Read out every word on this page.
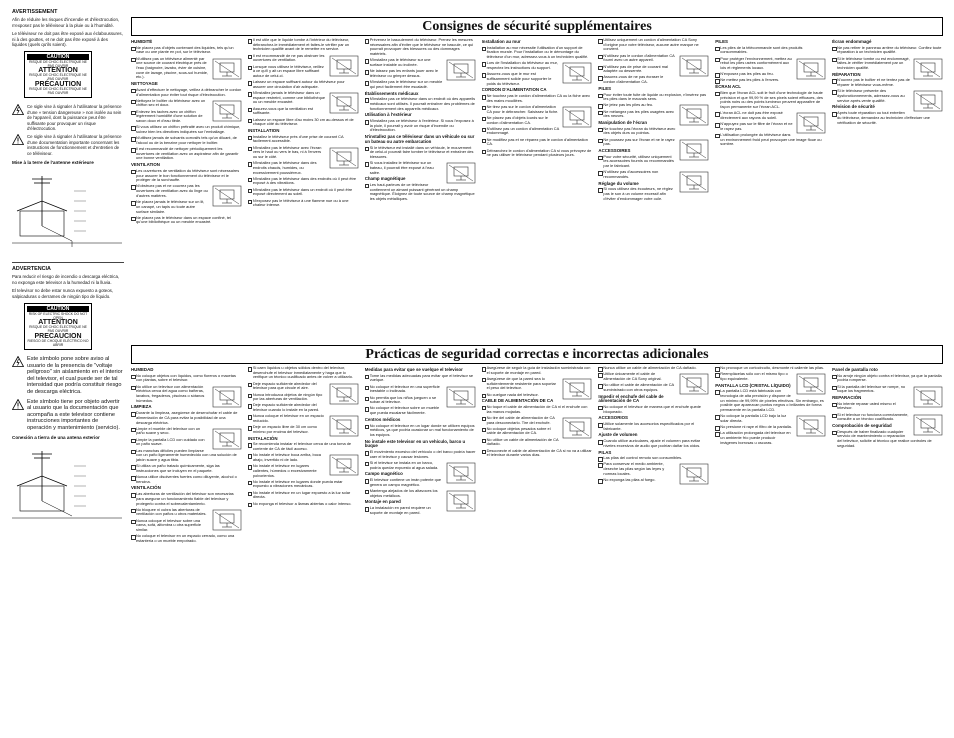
AVERTISSEMENT

Afin de réduire les risques d'incendie et d'électrocution, n'exposez pas le téléviseur à la pluie ou à l'humidité.

Le téléviseur ne doit pas être exposé aux éclaboussures, ni à des gouttes, et ne doit pas être exposé à des liquides (quels qu'ils soient).

CAUTION
RISQUE DE CHOC ÉLECTRIQUE NE PAS OUVRIR
ATTENTION
RISQUE DE CHOC ÉLECTRIQUE NE PAS OUVRIR
PRÉCAUTION
RISQUE DE CHOC ÉLECTRIQUE NE PAS OUVRIR
Ce sigle vise à signaler à l'utilisateur la présence d'une « tension dangereuse » non isolée au sein de l'appareil, dont la puissance peut être suffisante pour provoquer un risque d'électrocution.
Ce sigle vise à signaler à l'utilisateur la présence d'une documentation importante concernant les instructions de fonctionnement et d'entretien de ce téléviseur.
Mise à la terre de l'antenne extérieure
ADVERTENCIA

Para reducir el riesgo de incendio o descarga eléctrica, no exponga este televisor a la humedad ni la lluvia.

El televisor no debe estar nunca expuesto a goteos, salpicaduras o derrames de ningún tipo de líquido.

CAUTION
RISK OF ELECTRIC SHOCK DO NOT OPEN
ATTENTION
RISQUE DE CHOC ÉLECTRIQUE NE PAS OUVRIR
PRECAUCION
RIESGO DE CHOQUE ELÉCTRICO NO ABRIR
Este símbolo pone sobre aviso al usuario de la presencia de "voltaje peligroso" sin aislamiento en el interior del televisor, el cual puede ser de tal intensidad que podría constituir riesgo de descarga eléctrica.
Este símbolo tiene por objeto advertir al usuario que la documentación que acompaña a este televisor contiene instrucciones importantes de operación y mantenimiento (servicio).
Conexión a tierra de una antena exterior
Consignes de sécurité supplémentaires
HUMIDITÉ
Ne placez pas d'objets contenant des liquides, tels qu'un vase ou une plante en pot, sur le téléviseur.
N'utilisez pas un téléviseur alimenté par une source de courant électrique près de l'eau (baignoire, lavabo, évier de cuisine, cuve de lavage, piscine, sous-sol humide, etc.).
NETTOYAGE
Avant d'effectuer le nettoyage, veillez à débrancher le cordon d'alimentation pour éviter tout risque d'électrocution.
Nettoyez le boîtier du téléviseur avec un chiffon sec et doux.
Enlevez les taches avec un chiffon légèrement humidifié d'une solution de savon doux et d'eau tiède.
Si vous utilisez un chiffon prétraité avec un produit chimique, suivez bien les directives indiquées sur l'emballage.
N'utilisez jamais de solvants corrosifs tels qu'un diluant, de l'alcool ou de la benzine pour nettoyer le boîtier.
Il est recommandé de nettoyer périodiquement les ouvertures de ventilation avec un aspirateur afin de garantir une bonne ventilation.
VENTILATION
Les ouvertures de ventilation du téléviseur sont nécessaires pour assurer le bon fonctionnement du téléviseur et le protéger de la surchauffe.
N'obstruez pas et ne couvrez pas les ouvertures de ventilation avec du linge ou d'autres matières.
Ne placez jamais le téléviseur sur un lit, un canapé, un tapis ou toute autre surface similaire.
Ne placez pas le téléviseur dans un espace confiné, tel qu'une bibliothèque ou un meuble encastré.
Il est utile que le liquide tombe à l'intérieur du téléviseur, débranchez-le immédiatement et faites-le vérifier par un technicien qualifié avant de le remettre en service.
Il est recommandé de ne pas obstruer les ouvertures de ventilation.
Lorsque vous utilisez le téléviseur, veillez à ce qu'il y ait un espace libre suffisant autour de celui-ci.
Laissez un espace suffisant autour du téléviseur pour assurer une circulation d'air adéquate.
N'installez jamais le téléviseur dans un espace restreint, comme une bibliothèque ou un meuble encastré.
Assurez-vous que la ventilation est suffisante.
Laissez un espace libre d'au moins 30 cm au-dessus et de chaque côté du téléviseur.
INSTALLATION
Installez le téléviseur près d'une prise de courant CA facilement accessible.
N'installez pas le téléviseur avec l'écran vers le haut ou vers le bas, ni à l'envers ou sur le côté.
N'installez pas le téléviseur dans des endroits chauds, humides, ou excessivement poussiéreux.
N'installez pas le téléviseur dans des endroits où il peut être exposé à des vibrations.
N'installez pas le téléviseur dans un endroit où il peut être exposé directement au soleil.
N'exposez pas le téléviseur à une flamme nue ou à une chaleur intense.
Prévenez le basculement du téléviseur. Prenez les mesures nécessaires afin d'éviter que le téléviseur ne bascule, ce qui pourrait provoquer des blessures ou des dommages matériels.
N'installez pas le téléviseur sur une surface instable ou inclinée.
Ne laissez pas les enfants jouer avec le téléviseur ou grimper dessus.
N'installez pas le téléviseur sur un meuble qui peut facilement être escaladé.
Établissements médicaux
N'installez pas ce téléviseur dans un endroit où des appareils médicaux sont utilisés. Il pourrait entraîner des problèmes de fonctionnement des appareils médicaux.
Utilisation à l'extérieur
N'installez pas ce téléviseur à l'extérieur. Si vous l'exposez à la pluie, il pourrait y avoir un risque d'incendie ou d'électrocution.
N'installez pas ce téléviseur dans un véhicule ou sur un bateau ou autre embarcation
Si le téléviseur est installé dans un véhicule, le mouvement de celui-ci pourrait faire tomber le téléviseur et entraîner des blessures.
Si vous installez le téléviseur sur un bateau, il pourrait être exposé à l'eau salée.
Champ magnétique
Les haut-parleurs de ce téléviseur contiennent un aimant puissant générant un champ magnétique. Éloignez de toute source de champ magnétique les objets métalliques.
Installation au mur
Installation au mur nécessite l'utilisation d'un support de fixation murale. Pour l'installation ou le démontage du téléviseur d'un mur, adressez-vous à un technicien qualifié.
Lors de l'installation du téléviseur au mur, respectez les instructions du support.
Assurez-vous que le mur est suffisamment solide pour supporter le poids du téléviseur.
CORDON D'ALIMENTATION CA
Ne touchez pas le cordon d'alimentation CA ou la fiche avec des mains mouillées.
Ne tirez pas sur le cordon d'alimentation CA pour le débrancher. Saisissez la fiche.
Ne placez pas d'objets lourds sur le cordon d'alimentation CA.
N'utilisez pas un cordon d'alimentation CA endommagé.
Ne modifiez pas et ne réparez pas le cordon d'alimentation CA.
Débranchez le cordon d'alimentation CA si vous prévoyez de ne pas utiliser le téléviseur pendant plusieurs jours.
Utilisez uniquement un cordon d'alimentation CA Sony d'origine pour votre téléviseur, aucune autre marque ne convient.
N'utilisez pas le cordon d'alimentation CA fourni avec un autre appareil.
N'utilisez pas de prise de courant mal adaptée ou desserrée.
Assurez-vous de ne pas écraser le cordon d'alimentation CA.
PILES
Pour éviter toute fuite de liquide ou explosion, n'insérez pas les piles dans le mauvais sens.
Ne jetez pas les piles au feu.
Ne mélangez pas les piles usagées avec des neuves.
Manipulation de l'écran
Ne touchez pas l'écran du téléviseur avec des objets durs ou pointus.
Ne poussez pas sur l'écran et ne le rayez pas.
ACCESSOIRES
Pour votre sécurité, utilisez uniquement les accessoires fournis ou recommandés par le fabricant.
N'utilisez pas d'accessoires non recommandés.
Réglage du volume
Si vous utilisez des écouteurs, ne réglez pas le son à un volume excessif afin d'éviter d'endommager votre ouïe.
PILES
Les piles de la télécommande sont des produits consommables.
Pour protéger l'environnement, mettez au rebut les piles usées conformément aux lois et règlements locaux.
N'exposez pas les piles au feu.
Ne mettez pas les piles à l'envers.
ÉCRAN ACL
Bien que l'écran ACL soit le fruit d'une technologie de haute précision et que 99,99 % de ses pixels soient efficaces, des points noirs ou des points lumineux peuvent apparaître de façon permanente sur l'écran ACL.
L'écran ACL ne doit pas être exposé directement aux rayons du soleil.
N'appuyez pas sur le filtre de l'écran et ne le rayez pas.
L'utilisation prolongée du téléviseur dans un environnement froid peut provoquer une image floue ou sombre.
Écran endommagé
Ne pas retirer le panneau arrière du téléviseur. Confiez toute réparation à un technicien qualifié.
Si le téléviseur tombe ou est endommagé, faites-le vérifier immédiatement par un technicien qualifié.
RÉPARATION
N'ouvrez pas le boîtier et ne tentez pas de réparer le téléviseur vous-même.
Si le téléviseur présente des dysfonctionnements, adressez-vous au service après-vente qualifié.
Révision de sécurité
Après toute réparation ou tout entretien du téléviseur, demandez au technicien d'effectuer une vérification de sécurité.
Prácticas de seguridad correctas e incorrectas adicionales
HUMEDAD
No coloque objetos con líquidos, como floreros o macetas con plantas, sobre el televisor.
No utilice un televisor con alimentación eléctrica cerca del agua como bañeras, lavabos, fregaderos, piscinas o sótanos húmedos.
LIMPIEZA
Durante la limpieza, asegúrese de desenchufar el cable de alimentación de CA para evitar la posibilidad de una descarga eléctrica.
Limpie el mueble del televisor con un paño suave y seco.
Limpie la pantalla LCD con cuidado con un paño suave.
Las manchas difíciles pueden limpiarse con un paño ligeramente humedecido con una solución de jabón suave y agua tibia.
Si utiliza un paño tratado químicamente, siga las instrucciones que se incluyen en el paquete.
Nunca utilice disolventes fuertes como diluyente, alcohol o bencina.
VENTILACIÓN
Las aberturas de ventilación del televisor son necesarias para asegurar un funcionamiento fiable del televisor y protegerlo contra el sobrecalentamiento.
No bloquee ni cubra las aberturas de ventilación con paños u otros materiales.
Nunca coloque el televisor sobre una cama, sofá, alfombra u otra superficie similar.
No coloque el televisor en un espacio cerrado, como una estantería o un mueble empotrado.
Si caen líquidos u objetos sólidos dentro del televisor, desenchufe el televisor inmediatamente y haga que lo verifique un técnico cualificado antes de volver a utilizarlo.
Deje espacio suficiente alrededor del televisor para que circule el aire.
Nunca introduzca objetos de ningún tipo por las aberturas de ventilación.
Deje espacio suficiente alrededor del televisor cuando lo instale en la pared.
Nunca coloque el televisor en un espacio reducido.
Deje un espacio libre de 30 cm como mínimo por encima del televisor.
INSTALACIÓN
Se recomienda instalar el televisor cerca de una toma de corriente de CA de fácil acceso.
No instale el televisor boca arriba, boca abajo, invertido ni de lado.
No instale el televisor en lugares calientes, húmedos o excesivamente polvorientos.
No instale el televisor en lugares donde pueda estar expuesto a vibraciones mecánicas.
No instale el televisor en un lugar expuesto a la luz solar directa.
No exponga el televisor a llamas abiertas o calor intenso.
Medidas para evitar que se vuelque el televisor
Tome las medidas adecuadas para evitar que el televisor se vuelque.
No coloque el televisor en una superficie inestable o inclinada.
No permita que los niños jueguen o se suban al televisor.
No coloque el televisor sobre un mueble que pueda escalarse fácilmente.
Centros médicos
No coloque el televisor en un lugar donde se utilicen equipos médicos, ya que podría ocasionar un mal funcionamiento de los equipos.
No instale este televisor en un vehículo, barco u buque
El movimiento excesivo del vehículo o del barco podría hacer caer el televisor y causar lesiones.
Si el televisor se instala en un barco, podría quedar expuesto al agua salada.
Campo magnético
El televisor contiene un imán potente que genera un campo magnético.
Mantenga alejados de los altavoces los objetos metálicos.
Montaje en pared
La instalación en pared requiere un soporte de montaje en pared.
Asegúrese de seguir la guía de instalación suministrada con el soporte de montaje en pared.
Asegúrese de que la pared sea lo suficientemente resistente para soportar el peso del televisor.
No cuelgue nada del televisor.
CABLE DE ALIMENTACIÓN DE CA
No toque el cable de alimentación de CA ni el enchufe con las manos mojadas.
No tire del cable de alimentación de CA para desconectarlo. Tire del enchufe.
No coloque objetos pesados sobre el cable de alimentación de CA.
No utilice un cable de alimentación de CA dañado.
Desconecte el cable de alimentación de CA si no va a utilizar el televisor durante varios días.
Nunca utilice un cable de alimentación de CA dañado.
Utilice únicamente el cable de alimentación de CA Sony original.
No utilice el cable de alimentación de CA suministrado con otros equipos.
Impedir el enchufe del cable de alimentación de CA
No coloque el televisor de manera que el enchufe quede bloqueado.
ACCESORIOS
Utilice solamente los accesorios especificados por el fabricante.
Ajuste de volumen
Cuando utilice auriculares, ajuste el volumen para evitar niveles excesivos de audio que podrían dañar los oídos.
PILAS
Las pilas del control remoto son consumibles.
Para conservar el medio ambiente, deseche las pilas según las leyes y normas locales.
No exponga las pilas al fuego.
No provoque un cortocircuito, desmonte ni caliente las pilas.
Reemplácelas sólo con el mismo tipo o tipo equivalente.
PANTALLA LCD (CRISTAL LÍQUIDO)
La pantalla LCD está fabricada con tecnología de alta precisión y dispone de un mínimo de 99,99% de píxeles efectivos. Sin embargo, es posible que aparezcan puntos negros o brillantes de forma permanente en la pantalla LCD.
No coloque la pantalla LCD bajo la luz solar directa.
No presione ni raye el filtro de la pantalla.
La utilización prolongada del televisor en un ambiente frío puede producir imágenes borrosas u oscuras.
Panel de pantalla roto
No arroje ningún objeto contra el televisor, ya que la pantalla podría romperse.
Si la pantalla del televisor se rompe, no toque los fragmentos.
REPARACIÓN
No intente reparar usted mismo el televisor.
Si el televisor no funciona correctamente, consulte a un técnico cualificado.
Comprobación de seguridad
Después de haber finalizado cualquier servicio de mantenimiento o reparación del televisor, solicite al técnico que realice controles de seguridad.
